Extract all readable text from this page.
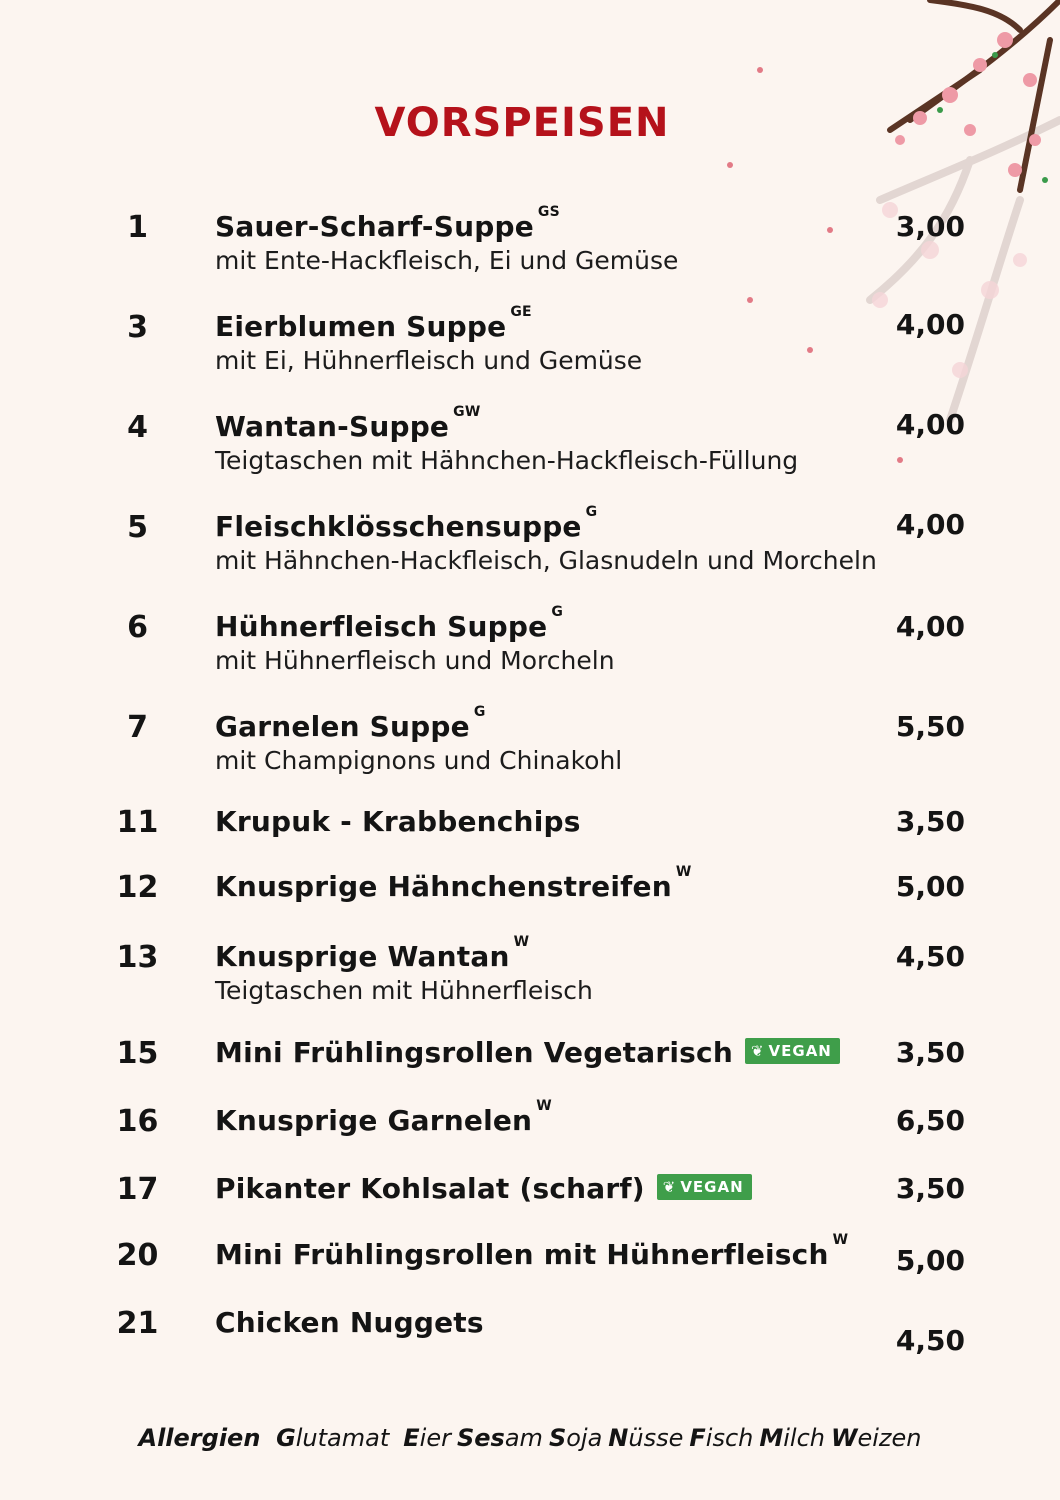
VORSPEISEN
1	Sauer-Scharf-Suppe $^{GS}$
mit Ente-Hackfleisch, Ei und Gemüse
3,00
3	Eierblumen Suppe $^{GE}$
mit Ei, Hühnerfleisch und Gemüse
4,00
4	Wantan-Suppe $^{GW}$
Teigtaschen mit Hähnchen-Hackfleisch-Füllung
4,00
5	Fleischklösschensuppe $^G$
mit Hähnchen-Hackfleisch, Glasnudeln und Morcheln
4,00
6	Hühnerfleisch Suppe $^G$
mit Hühnerfleisch und Morcheln
4,00
7	Garnelen Suppe $^G$
mit Champignons und Chinakohl
5,50
11	Krupuk - Krabbenchips	3,50
12	Knusprige Hähnchenstreifen $^W$	5,00
13	Knusprige Wantan $^W$
Teigtaschen mit Hühnerfleisch
4,50
15	Mini Frühlingsrollen Vegetarisch ❦ VEGAN 3,50
16	Knusprige Garnelen $^W$	6,50
17	Pikanter Kohlsalat (scharf) ❦ VEGAN	3,50
20	Mini Frühlingsrollen mit Hühnerfleisch $^W$
5,00
21	Chicken Nuggets
4,50
Allergien Glutamat Eier Sesam Soja Nüsse Fisch Milch Weizen
